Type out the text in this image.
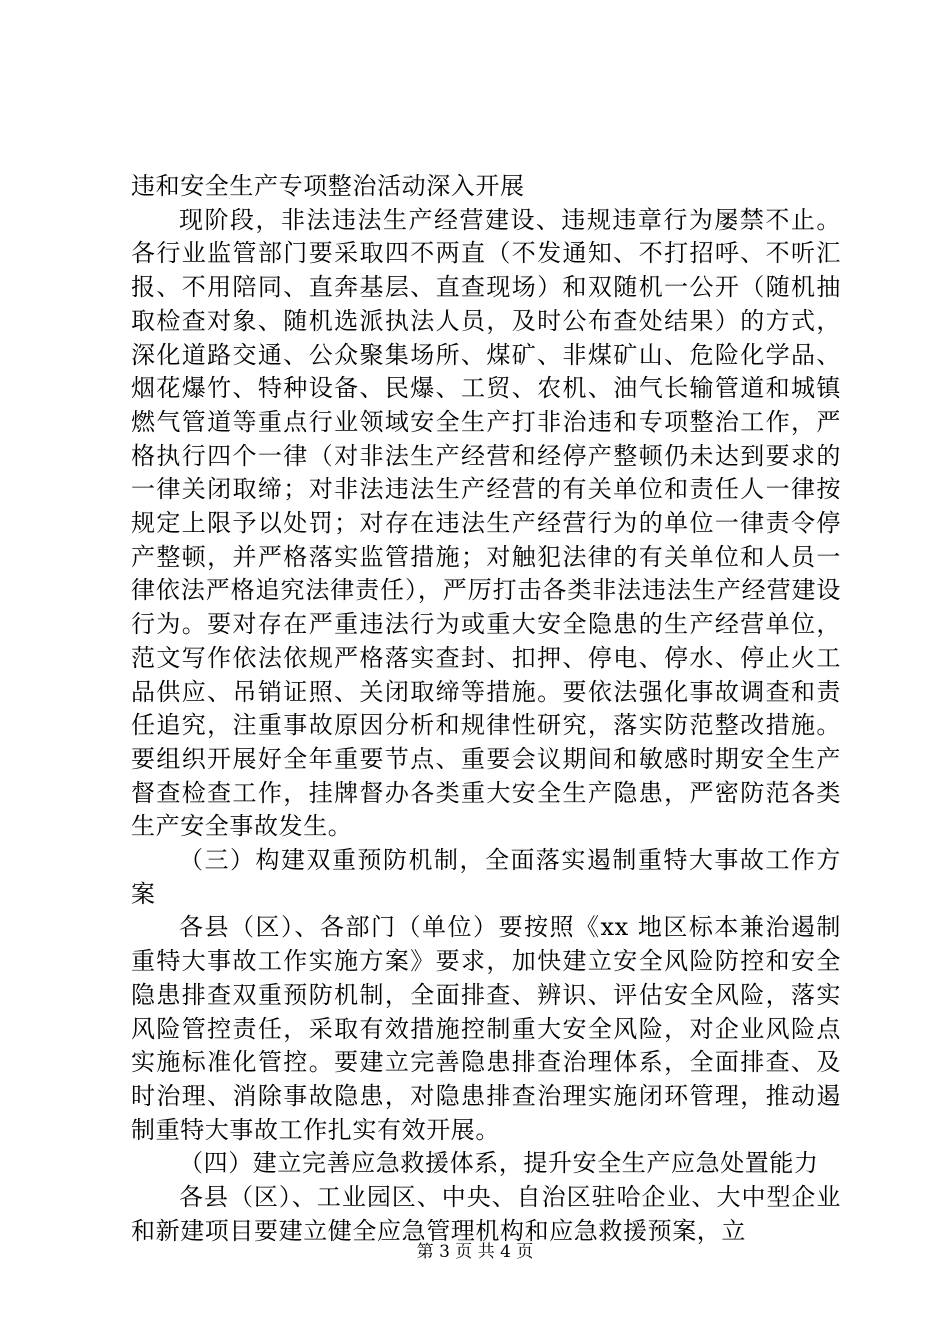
违和安全生产专项整治活动深入开展

现阶段，非法违法生产经营建设、违规违章行为屡禁不止。各行业监管部门要采取四不两直（不发通知、不打招呼、不听汇报、不用陪同、直奔基层、直查现场）和双随机一公开（随机抽取检查对象、随机选派执法人员，及时公布查处结果）的方式，深化道路交通、公众聚集场所、煤矿、非煤矿山、危险化学品、烟花爆竹、特种设备、民爆、工贸、农机、油气长输管道和城镇燃气管道等重点行业领域安全生产打非治违和专项整治工作，严格执行四个一律（对非法生产经营和经停产整顿仍未达到要求的一律关闭取缔；对非法违法生产经营的有关单位和责任人一律按规定上限予以处罚；对存在违法生产经营行为的单位一律责令停产整顿，并严格落实监管措施；对触犯法律的有关单位和人员一律依法严格追究法律责任），严厉打击各类非法违法生产经营建设行为。要对存在严重违法行为或重大安全隐患的生产经营单位，范文写作依法依规严格落实查封、扣押、停电、停水、停止火工品供应、吊销证照、关闭取缔等措施。要依法强化事故调查和责任追究，注重事故原因分析和规律性研究，落实防范整改措施。要组织开展好全年重要节点、重要会议期间和敏感时期安全生产督查检查工作，挂牌督办各类重大安全生产隐患，严密防范各类生产安全事故发生。

（三）构建双重预防机制，全面落实遏制重特大事故工作方案

各县（区）、各部门（单位）要按照《xx 地区标本兼治遏制重特大事故工作实施方案》要求，加快建立安全风险防控和安全隐患排查双重预防机制，全面排查、辨识、评估安全风险，落实风险管控责任，采取有效措施控制重大安全风险，对企业风险点实施标准化管控。要建立完善隐患排查治理体系，全面排查、及时治理、消除事故隐患，对隐患排查治理实施闭环管理，推动遏制重特大事故工作扎实有效开展。

（四）建立完善应急救援体系，提升安全生产应急处置能力

各县（区）、工业园区、中央、自治区驻哈企业、大中型企业和新建项目要建立健全应急管理机构和应急救援预案，立

第 3 页 共 4 页
